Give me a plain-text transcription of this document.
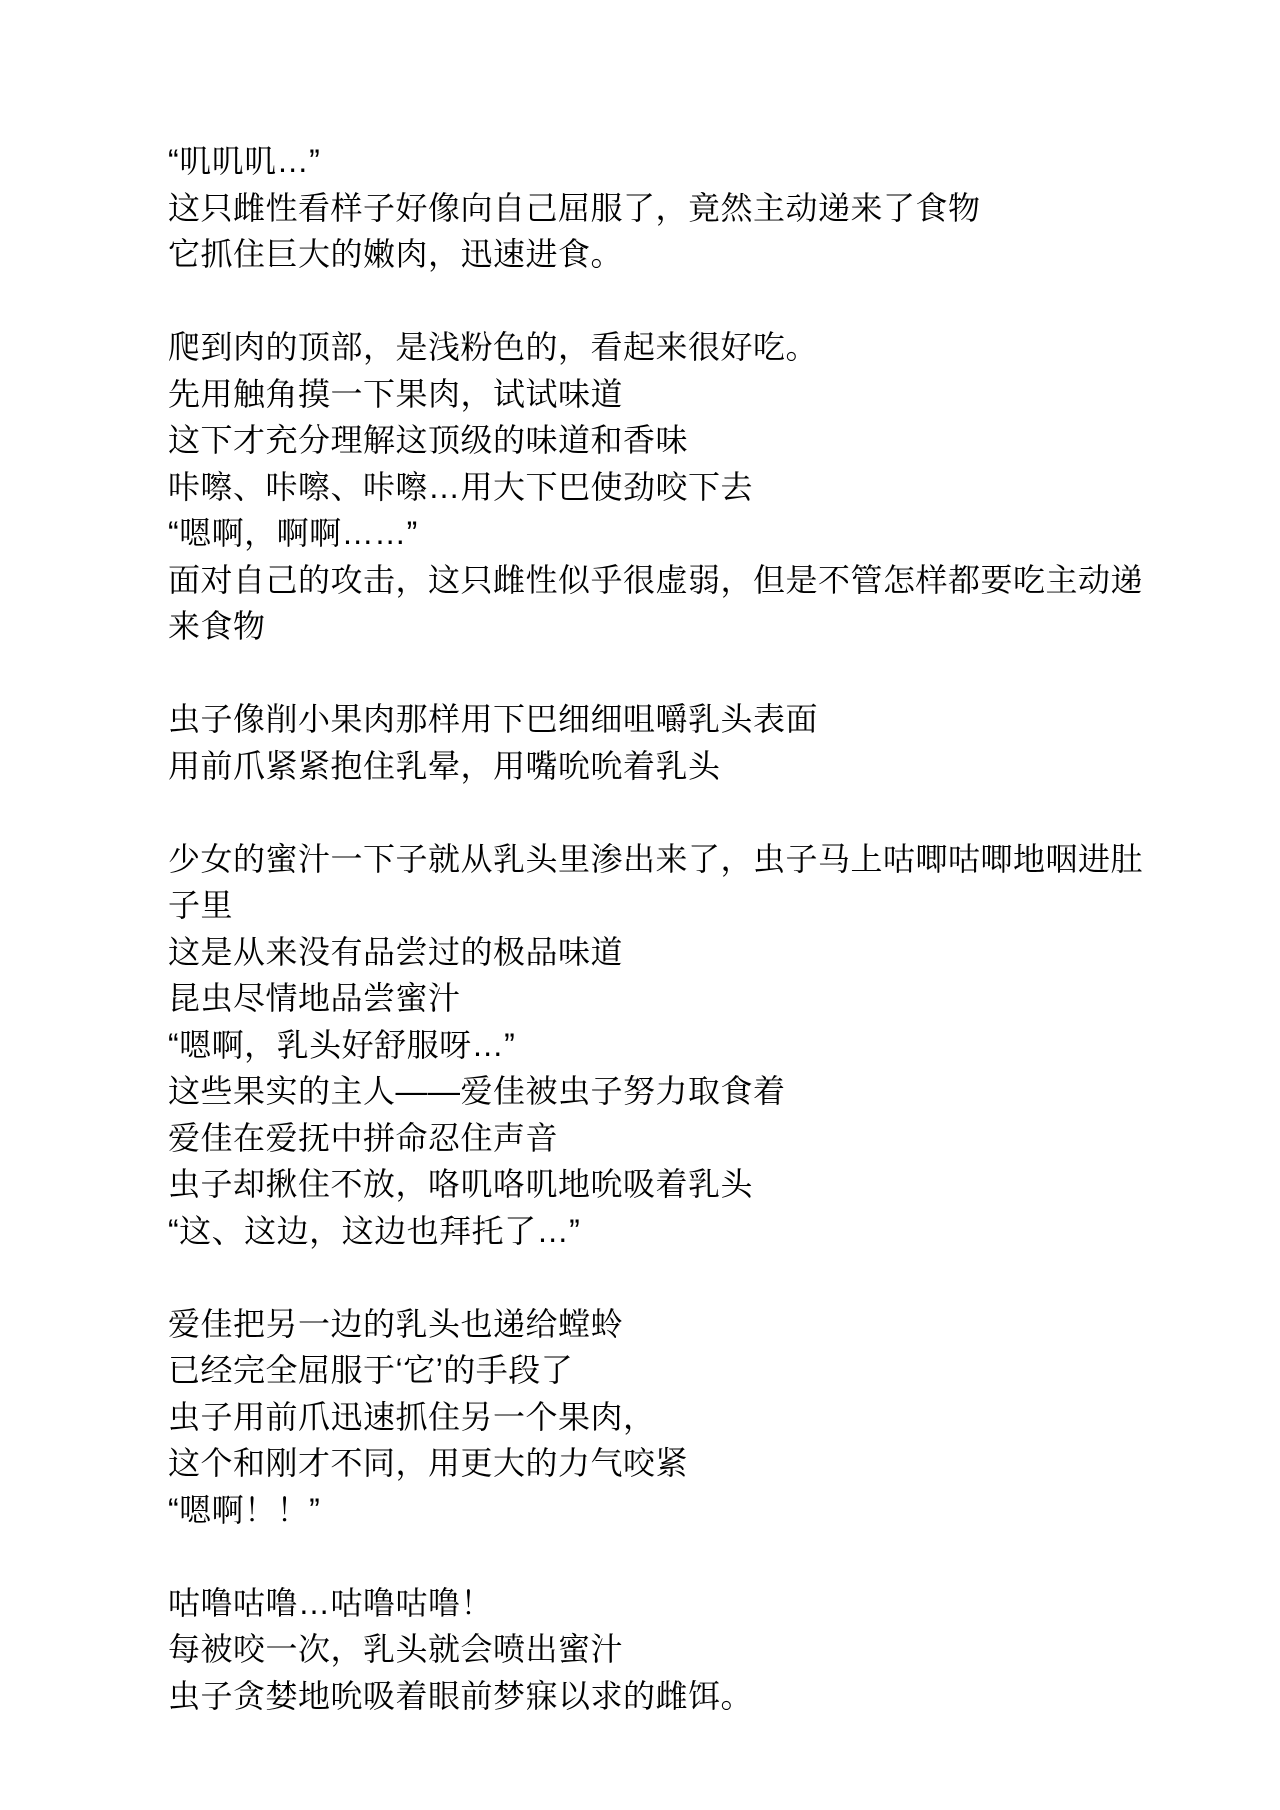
“叽叽叽…”
这只雌性看样子好像向自己屈服了，竟然主动递来了食物
它抓住巨大的嫩肉，迅速进食。
爬到肉的顶部，是浅粉色的，看起来很好吃。
先用触角摸一下果肉，试试味道
这下才充分理解这顶级的味道和香味
咔嚓、咔嚓、咔嚓…用大下巴使劲咬下去
“嗯啊，啊啊……”
面对自己的攻击，这只雌性似乎很虚弱，但是不管怎样都要吃主动递
来食物
虫子像削小果肉那样用下巴细细咀嚼乳头表面
用前爪紧紧抱住乳晕，用嘴吮吮着乳头
少女的蜜汁一下子就从乳头里渗出来了，虫子马上咕唧咕唧地咽进肚
子里
这是从来没有品尝过的极品味道
昆虫尽情地品尝蜜汁
“嗯啊，乳头好舒服呀…”
这些果实的主人——爱佳被虫子努力取食着
爱佳在爱抚中拼命忍住声音
虫子却揪住不放，咯叽咯叽地吮吸着乳头
“这、这边，这边也拜托了…”
爱佳把另一边的乳头也递给螳蛉
已经完全屈服于‘它’的手段了
虫子用前爪迅速抓住另一个果肉，
这个和刚才不同，用更大的力气咬紧
“嗯啊！！”
咕噜咕噜…咕噜咕噜！
每被咬一次，乳头就会喷出蜜汁
虫子贪婪地吮吸着眼前梦寐以求的雌饵。
